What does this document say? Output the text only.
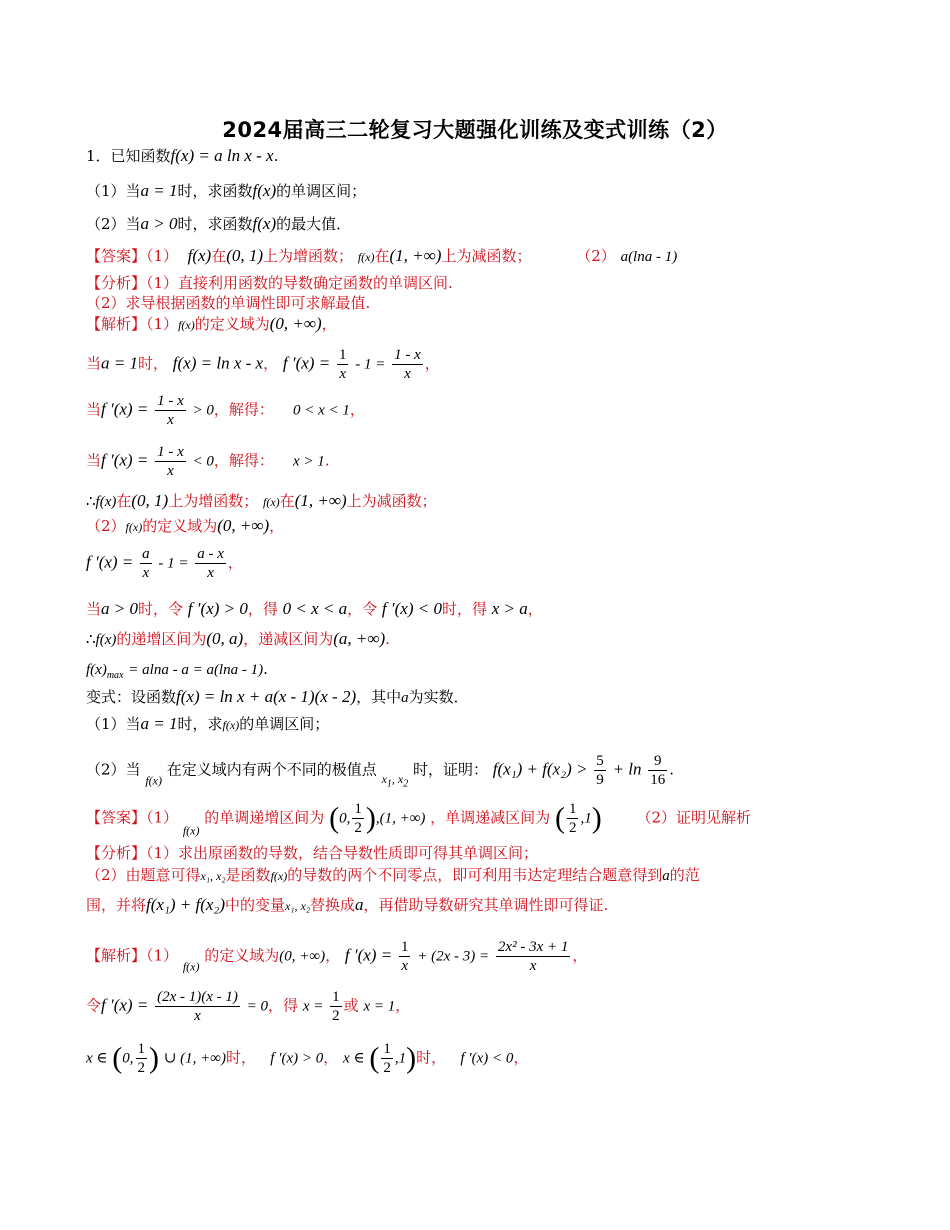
2024届高三二轮复习大题强化训练及变式训练（2）
1．已知函数f(x) = a ln x - x.
（1）当a = 1时，求函数f(x)的单调区间；
（2）当a > 0时，求函数f(x)的最大值．
【答案】（1） f(x)在(0, 1)上为增函数； f(x)在(1, +∞)上为减函数；	（2） a(lna - 1)
【分析】（1）直接利用函数的导数确定函数的单调区间.
（2）求导根据函数的单调性即可求解最值.
【解析】（1）f(x)的定义域为(0, +∞)，
当a = 1时， f(x) = ln x - x， f $'(x) = \frac{1}{x} - 1 = \frac{1 - x}{x}$ ，
当f $'(x) = \frac{1 - x}{x} > 0$，解得： 0 < x < 1，
当f $'(x) = \frac{1 - x}{x} < 0$，解得： x > 1.
∴f(x)在(0, 1)上为增函数； f(x)在(1, +∞)上为减函数；
（2）f(x)的定义域为(0, +∞)，
f $'(x) = \frac{a}{x} - 1 = \frac{a - x}{x}$ ，
当a > 0时，令 f ′(x) > 0，得 0 < x < a，令 f ′(x) < 0时，得 x > a，
∴f(x)的递增区间为(0, a)，递减区间为(a, +∞).
$f(x)_{max} = alna - a = a(\ln a - 1)$.
变式：设函数f(x) = ln x + a(x - 1)(x - 2)，其中a为实数．
（1）当a = 1时，求f(x)的单调区间；
（2）当 $_{f(x)}$ 在定义域内有两个不同的极值点 $_{x_1, x_2}$ 时，证明： $f(x_1) + f(x_2) > \frac{5}{9} + \ln \frac{9}{16}$ .
【答案】（1） $_{f(x)}$ 的单调递增区间为 (0, $\frac{1}{2} ),(1$, +∞) ，单调递减区间为 ( $\frac{1}{2} ,1$) （2）证明见解析
【分析】（1）求出原函数的导数，结合导数性质即可得其单调区间；
（2）由题意可得x₁, x₂是函数f(x)的导数的两个不同零点，即可利用韦达定理结合题意得到a的范
围，并将f(x₁) + f(x₂)中的变量x₁, x₂替换成a，再借助导数研究其单调性即可得证.
【解析】（1） $_{f(x)}$ 的定义域为(0, +∞)， f $'(x) = \frac{1}{x} + (2x - 3) = \frac{\text{2x² - 3x + 1}}{x}$ ，
令f $'(x) = \frac{(2x - 1)(x - 1)}{x} = 0$，得 $x = \frac{1}{2}$ 或 x = 1，
x ∈ (0, $\frac{1}{2}$ ) ∪ (1, +∞)时， f ′(x) > 0， x ∈ ( $\frac{1}{2} ,1$)时， f ′(x) < 0，
